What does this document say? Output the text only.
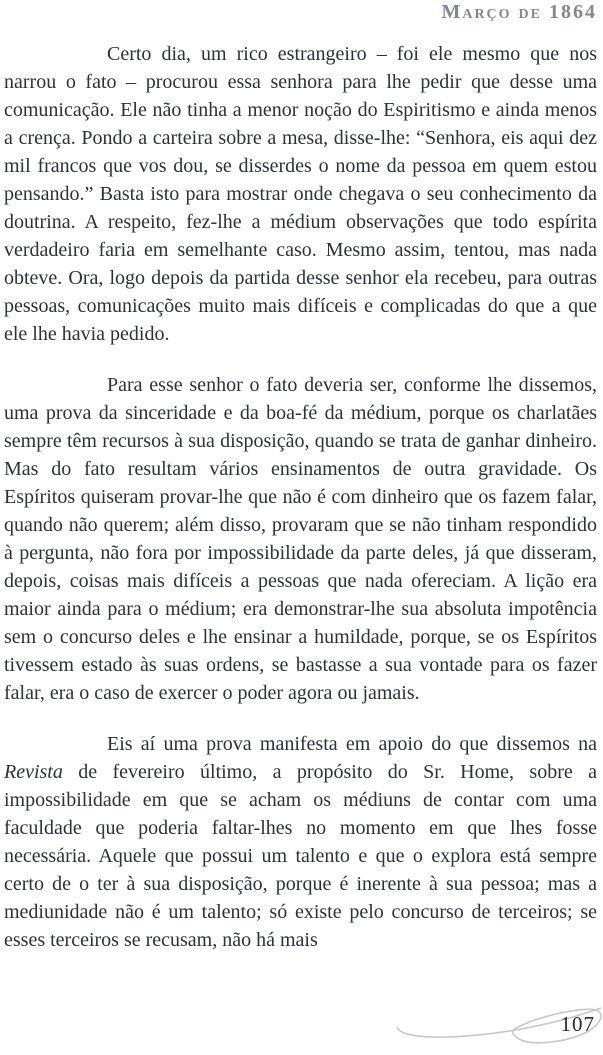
Março de 1864

Certo dia, um rico estrangeiro – foi ele mesmo que nos narrou o fato – procurou essa senhora para lhe pedir que desse uma comunicação. Ele não tinha a menor noção do Espiritismo e ainda menos a crença. Pondo a carteira sobre a mesa, disse-lhe: “Senhora, eis aqui dez mil francos que vos dou, se disserdes o nome da pessoa em quem estou pensando.” Basta isto para mostrar onde chegava o seu conhecimento da doutrina. A respeito, fez-lhe a médium observações que todo espírita verdadeiro faria em semelhante caso. Mesmo assim, tentou, mas nada obteve. Ora, logo depois da partida desse senhor ela recebeu, para outras pessoas, comunicações muito mais difíceis e complicadas do que a que ele lhe havia pedido.

Para esse senhor o fato deveria ser, conforme lhe dissemos, uma prova da sinceridade e da boa-fé da médium, porque os charlatães sempre têm recursos à sua disposição, quando se trata de ganhar dinheiro. Mas do fato resultam vários ensinamentos de outra gravidade. Os Espíritos quiseram provar-lhe que não é com dinheiro que os fazem falar, quando não querem; além disso, provaram que se não tinham respondido à pergunta, não fora por impossibilidade da parte deles, já que disseram, depois, coisas mais difíceis a pessoas que nada ofereciam. A lição era maior ainda para o médium; era demonstrar-lhe sua absoluta impotência sem o concurso deles e lhe ensinar a humildade, porque, se os Espíritos tivessem estado às suas ordens, se bastasse a sua vontade para os fazer falar, era o caso de exercer o poder agora ou jamais.

Eis aí uma prova manifesta em apoio do que dissemos na Revista de fevereiro último, a propósito do Sr. Home, sobre a impossibilidade em que se acham os médiuns de contar com uma faculdade que poderia faltar-lhes no momento em que lhes fosse necessária. Aquele que possui um talento e que o explora está sempre certo de o ter à sua disposição, porque é inerente à sua pessoa; mas a mediunidade não é um talento; só existe pelo concurso de terceiros; se esses terceiros se recusam, não há mais

107
